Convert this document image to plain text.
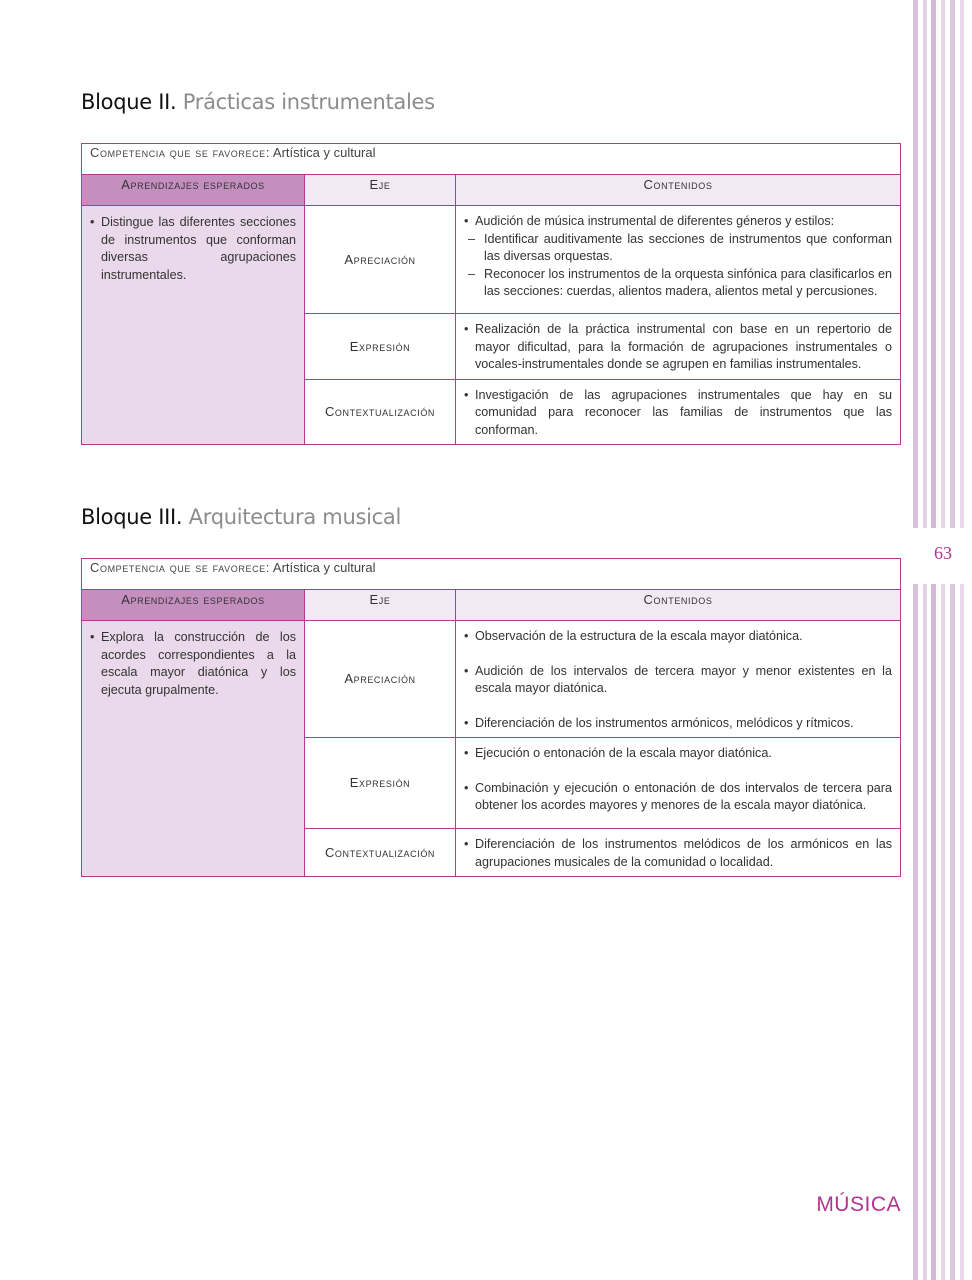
63
Bloque II. Prácticas instrumentales
Competencia que se favorece: Artística y cultural		
Aprendizajes esperados	Eje	Contenidos

• Distingue las diferentes secciones de instrumentos que conforman diversas agrupaciones instrumentales.	Apreciación	• Audición de música instrumental de diferentes géneros y estilos:
– Identificar auditivamente las secciones de instrumentos que conforman las diversas orquestas.
– Reconocer los instrumentos de la orquesta sinfónica para clasificarlos en las secciones: cuerdas, alientos madera, alientos metal y percusiones.

	Expresión	• Realización de la práctica instrumental con base en un repertorio de mayor dificultad, para la formación de agrupaciones instrumentales o vocales-instrumentales donde se agrupen en familias instrumentales.

	Contextualización	• Investigación de las agrupaciones instrumentales que hay en su comunidad para reconocer las familias de instrumentos que las conforman.
Bloque III. Arquitectura musical
Competencia que se favorece: Artística y cultural		
Aprendizajes esperados	Eje	Contenidos

• Explora la construcción de los acordes correspondientes a la escala mayor diatónica y los ejecuta grupalmente.	Apreciación	• Observación de la estructura de la escala mayor diatónica.
• Audición de los intervalos de tercera mayor y menor existentes en la escala mayor diatónica.
• Diferenciación de los instrumentos armónicos, melódicos y rítmicos.

	Expresión	• Ejecución o entonación de la escala mayor diatónica.
• Combinación y ejecución o entonación de dos intervalos de tercera para obtener los acordes mayores y menores de la escala mayor diatónica.

	Contextualización	• Diferenciación de los instrumentos melódicos de los armónicos en las agrupaciones musicales de la comunidad o localidad.
MÚSICA
